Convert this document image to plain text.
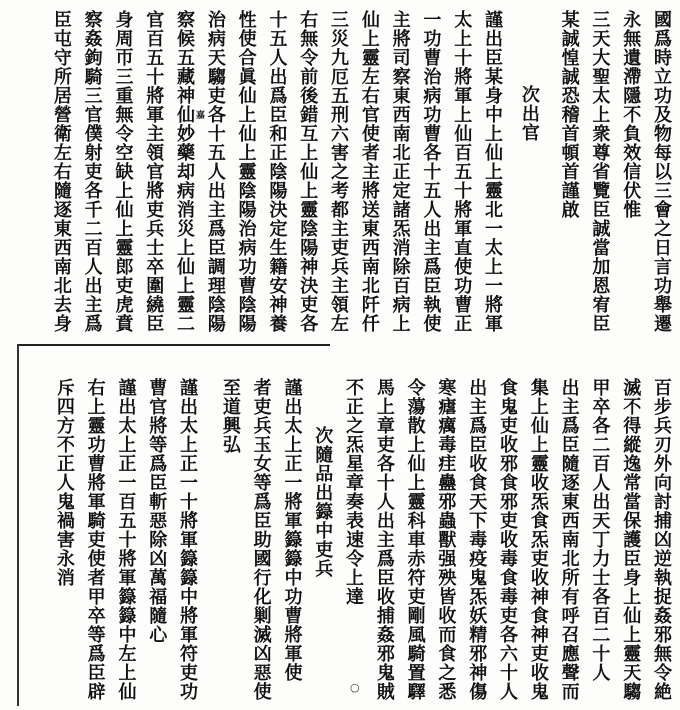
國爲時立功及物每以三會之日言功舉遷
永無遺滯隱不負效信伏惟
三天大聖太上衆尊省覽臣誠當加恩宥臣
某誠惶誠恐稽首頓首謹啟
次出官
謹出臣某身中上仙上靈北一太上一將軍
太上十將軍上仙百五十將軍直使功曹正
一功曹治病功曹各十五人出主爲臣執使
主將司察東西南北正定諸炁消除百病上
仙上靈左右官使者主將送東西南北阡仟
三災九厄五刑六害之考都主吏兵主領左
右無令前後錯互上仙上靈陰陽神決吏各
十五人出爲臣和正陰陽決定生籍安神養
性使合眞仙上仙上靈陰陽治病功曹陰陽
治病天騶吏各十五人出主爲臣調理陰陽
察候五藏神仙妙藥却病消災上仙上靈二
官百五十將軍主領官將吏兵士卒圍繞臣
身周帀三重無令空缺上仙上靈郎吏虎賁
察姦鉤騎三官僕射吏各千二百人出主爲
臣屯守所居營衛左右隨逐東西南北去身	嘉
百步兵刃外向討捕凶逆執捉姦邪無令絶
滅不得縱逸常當保護臣身上仙上靈天騶
甲卒各二百人出天丁力士各百二十人
出主爲臣隨逐東西南北所有呼召應聲而
集上仙上靈收炁食炁吏收神食神吏收鬼
食鬼吏收邪食邪吏收毒食毒吏各六十人
出主爲臣收食天下毒疫鬼炁妖精邪神傷
寒瘧癘毒疰蠱邪蟲獸强殃皆收而食之悉
令蕩散上仙上靈科車赤符吏剛風騎置驛
馬上章吏各十人出主爲臣收捕姦邪鬼賊
不正之炁星章奏表速令上達
次隨品出籙中吏兵
謹出太上正一將軍籙籙中功曹將軍使
者吏兵玉女等爲臣助國行化剿滅凶惡使
至道興弘
謹出太上正一十將軍籙籙中將軍符吏功
曹官將等爲臣斬惡除凶萬福隨心
謹出太上正一百五十將軍籙籙中左上仙
右上靈功曹將軍騎吏使者甲卒等爲臣辟
斥四方不正人鬼禍害永消
○
